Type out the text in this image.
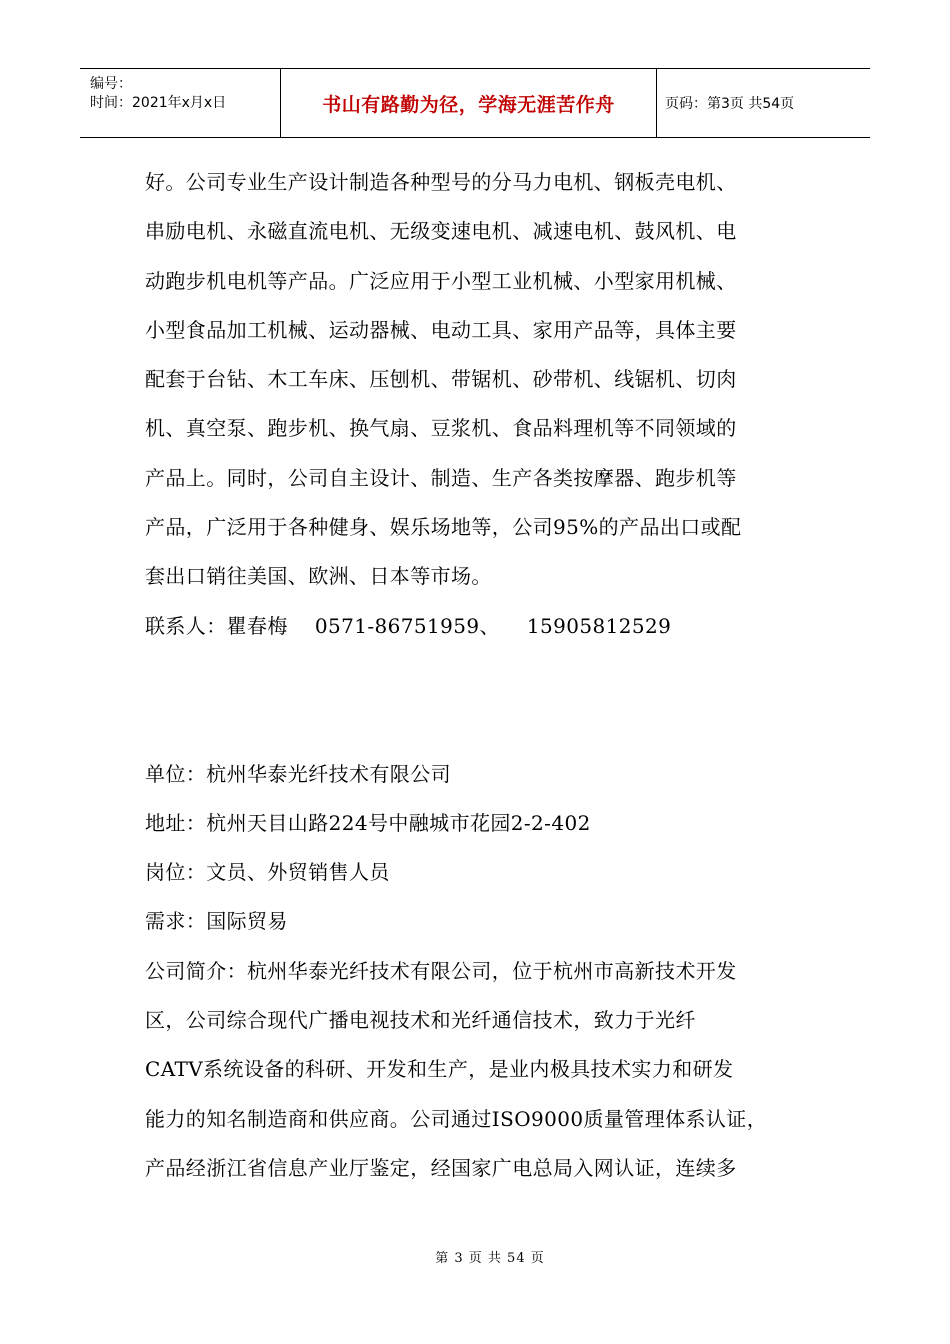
编号：
时间：2021年x月x日	书山有路勤为径，学海无涯苦作舟	页码：第3页 共54页
好。公司专业生产设计制造各种型号的分马力电机、钢板壳电机、
串励电机、永磁直流电机、无级变速电机、减速电机、鼓风机、电
动跑步机电机等产品。广泛应用于小型工业机械、小型家用机械、
小型食品加工机械、运动器械、电动工具、家用产品等，具体主要
配套于台钻、木工车床、压刨机、带锯机、砂带机、线锯机、切肉
机、真空泵、跑步机、换气扇、豆浆机、食品料理机等不同领域的
产品上。同时，公司自主设计、制造、生产各类按摩器、跑步机等
产品，广泛用于各种健身、娱乐场地等，公司95%的产品出口或配
套出口销往美国、欧洲、日本等市场。
联系人：瞿春梅    0571-86751959、    15905812529
单位：杭州华泰光纤技术有限公司
地址：杭州天目山路224号中融城市花园2-2-402
岗位：文员、外贸销售人员
需求：国际贸易
公司简介：杭州华泰光纤技术有限公司，位于杭州市高新技术开发
区，公司综合现代广播电视技术和光纤通信技术，致力于光纤
CATV系统设备的科研、开发和生产，是业内极具技术实力和研发
能力的知名制造商和供应商。公司通过ISO9000质量管理体系认证，
产品经浙江省信息产业厅鉴定，经国家广电总局入网认证，连续多
第 3 页 共 54 页
